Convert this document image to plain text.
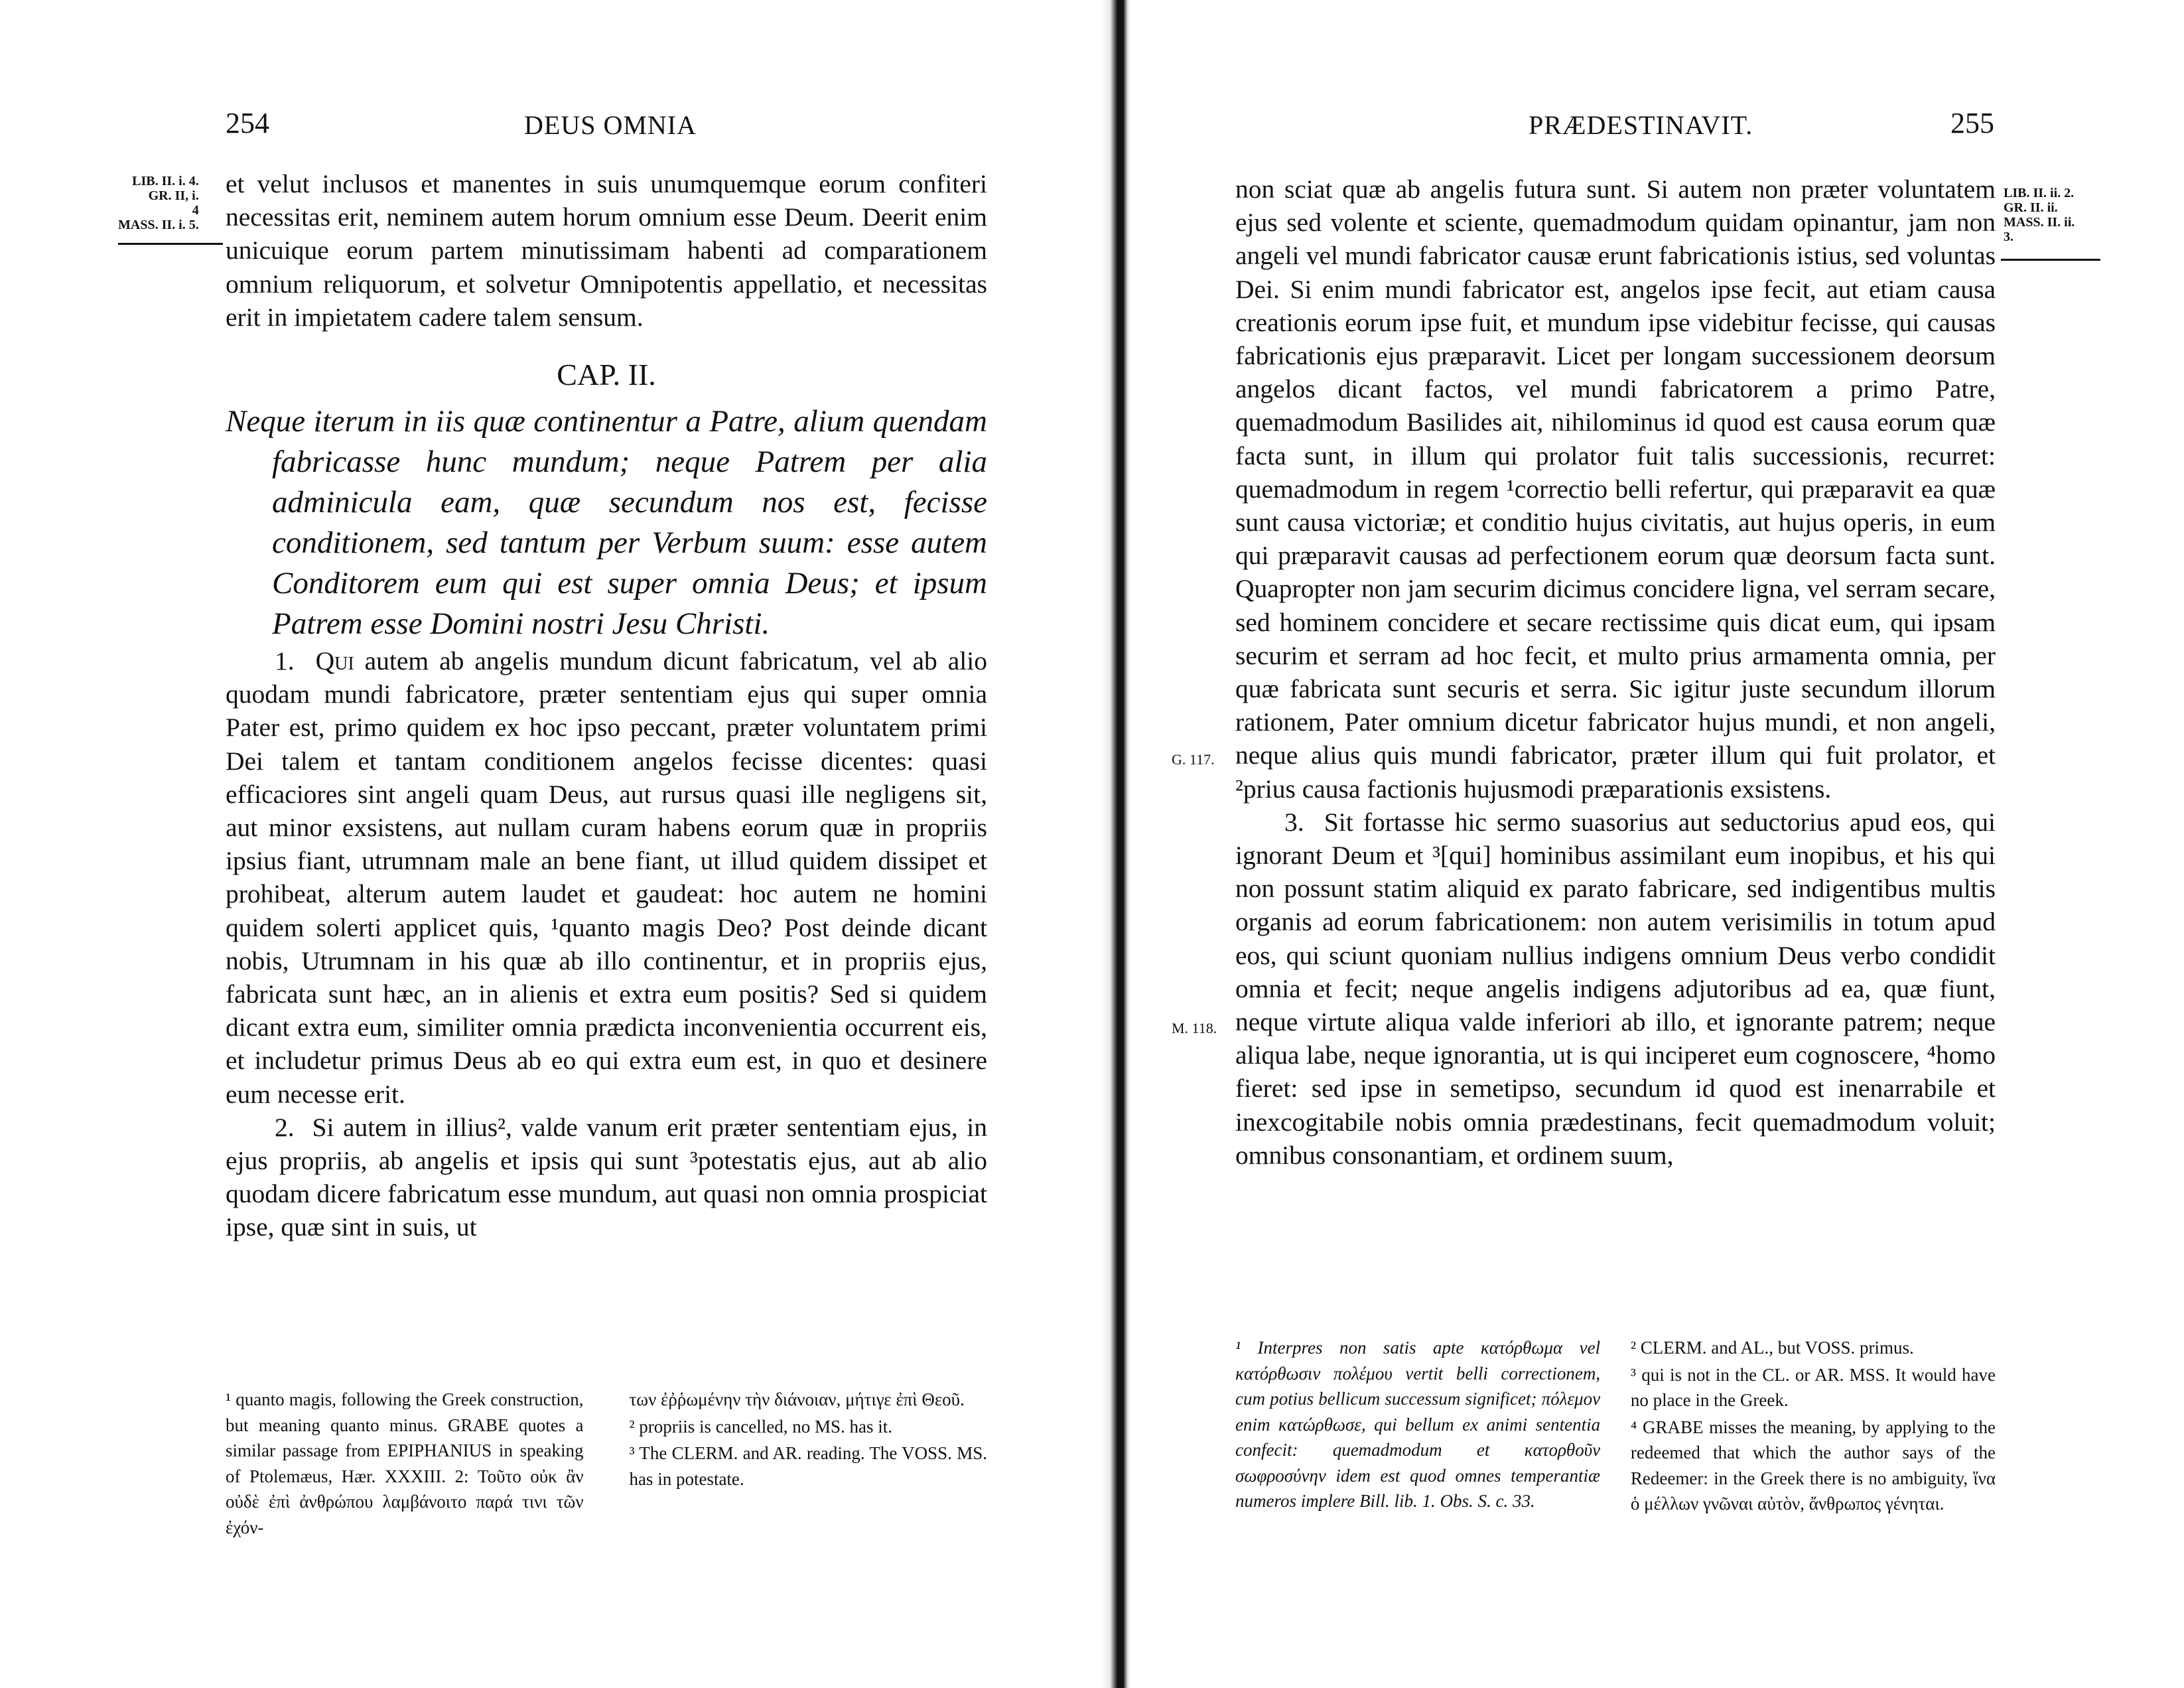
254	DEUS OMNIA
LIB. II. i. 4.
GR. II, i.
4
MASS. II. i. 5.

et velut inclusos et manentes in suis unumquemque eorum confiteri necessitas erit, neminem autem horum omnium esse Deum. Deerit enim unicuique eorum partem minutissimam habenti ad comparationem omnium reliquorum, et solvetur Omnipotentis appellatio, et necessitas erit in impietatem cadere talem sensum.

CAP. II.

Neque iterum in iis quæ continentur a Patre, alium quendam fabricasse hunc mundum; neque Patrem per alia adminicula eam, quæ secundum nos est, fecisse conditionem, sed tantum per Verbum suum: esse autem Conditorem eum qui est super omnia Deus; et ipsum Patrem esse Domini nostri Jesu Christi.

1. Qui autem ab angelis mundum dicunt fabricatum, vel ab alio quodam mundi fabricatore, præter sententiam ejus qui super omnia Pater est, primo quidem ex hoc ipso peccant, præter voluntatem primi Dei talem et tantam conditionem angelos fecisse dicentes: quasi efficaciores sint angeli quam Deus, aut rursus quasi ille negligens sit, aut minor exsistens, aut nullam curam habens eorum quæ in propriis ipsius fiant, utrumnam male an bene fiant, ut illud quidem dissipet et prohibeat, alterum autem laudet et gaudeat: hoc autem ne homini quidem solerti applicet quis, ¹quanto magis Deo? Post deinde dicant nobis, Utrumnam in his quæ ab illo continentur, et in propriis ejus, fabricata sunt hæc, an in alienis et extra eum positis? Sed si quidem dicant extra eum, similiter omnia prædicta inconvenientia occurrent eis, et includetur primus Deus ab eo qui extra eum est, in quo et desinere eum necesse erit.

2. Si autem in illius², valde vanum erit præter sententiam ejus, in ejus propriis, ab angelis et ipsis qui sunt ³potestatis ejus, aut ab alio quodam dicere fabricatum esse mundum, aut quasi non omnia prospiciat ipse, quæ sint in suis, ut

¹ quanto magis, following the Greek construction, but meaning quanto minus. GRABE quotes a similar passage from EPIPHANIUS in speaking of Ptolemæus, Hær. XXXIII. 2: Τοῦτο οὐκ ἂν οὐδὲ ἐπὶ ἀνθρώπου λαμβάνοιτο παρά τινι τῶν ἐχόν-

των ἐῤῥωμένην τὴν διάνοιαν, μήτιγε ἐπὶ Θεοῦ.

² propriis is cancelled, no MS. has it.

³ The CLERM. and AR. reading. The VOSS. MS. has in potestate.

PRÆDESTINAVIT.	255
LIB. II. ii. 2.
GR. II. ii.
MASS. II. ii.
3.
G. 117.
M. 118.

non sciat quæ ab angelis futura sunt. Si autem non præter voluntatem ejus sed volente et sciente, quemadmodum quidam opinantur, jam non angeli vel mundi fabricator causæ erunt fabricationis istius, sed voluntas Dei. Si enim mundi fabricator est, angelos ipse fecit, aut etiam causa creationis eorum ipse fuit, et mundum ipse videbitur fecisse, qui causas fabricationis ejus præparavit. Licet per longam successionem deorsum angelos dicant factos, vel mundi fabricatorem a primo Patre, quemadmodum Basilides ait, nihilominus id quod est causa eorum quæ facta sunt, in illum qui prolator fuit talis successionis, recurret: quemadmodum in regem ¹correctio belli refertur, qui præparavit ea quæ sunt causa victoriæ; et conditio hujus civitatis, aut hujus operis, in eum qui præparavit causas ad perfectionem eorum quæ deorsum facta sunt. Quapropter non jam securim dicimus concidere ligna, vel serram secare, sed hominem concidere et secare rectissime quis dicat eum, qui ipsam securim et serram ad hoc fecit, et multo prius armamenta omnia, per quæ fabricata sunt securis et serra. Sic igitur juste secundum illorum rationem, Pater omnium dicetur fabricator hujus mundi, et non angeli, neque alius quis mundi fabricator, præter illum qui fuit prolator, et ²prius causa factionis hujusmodi præparationis exsistens.

3. Sit fortasse hic sermo suasorius aut seductorius apud eos, qui ignorant Deum et ³[qui] hominibus assimilant eum inopibus, et his qui non possunt statim aliquid ex parato fabricare, sed indigentibus multis organis ad eorum fabricationem: non autem verisimilis in totum apud eos, qui sciunt quoniam nullius indigens omnium Deus verbo condidit omnia et fecit; neque angelis indigens adjutoribus ad ea, quæ fiunt, neque virtute aliqua valde inferiori ab illo, et ignorante patrem; neque aliqua labe, neque ignorantia, ut is qui inciperet eum cognoscere, ⁴homo fieret: sed ipse in semetipso, secundum id quod est inenarrabile et inexcogitabile nobis omnia prædestinans, fecit quemadmodum voluit; omnibus consonantiam, et ordinem suum,

¹ Interpres non satis apte κατόρθωμα vel κατόρθωσιν πολέμου vertit belli correctionem, cum potius bellicum successum significet; πόλεμον enim κατώρθωσε, qui bellum ex animi sententia confecit: quemadmodum et κατορθοῦν σωφροσύνην idem est quod omnes temperantiæ numeros implere Bill. lib. 1. Obs. S. c. 33.

² CLERM. and AL., but VOSS. primus.

³ qui is not in the CL. or AR. MSS. It would have no place in the Greek.

⁴ GRABE misses the meaning, by applying to the redeemed that which the author says of the Redeemer: in the Greek there is no ambiguity, ἵνα ὁ μέλλων γνῶναι αὐτὸν, ἄνθρωπος γένηται.
